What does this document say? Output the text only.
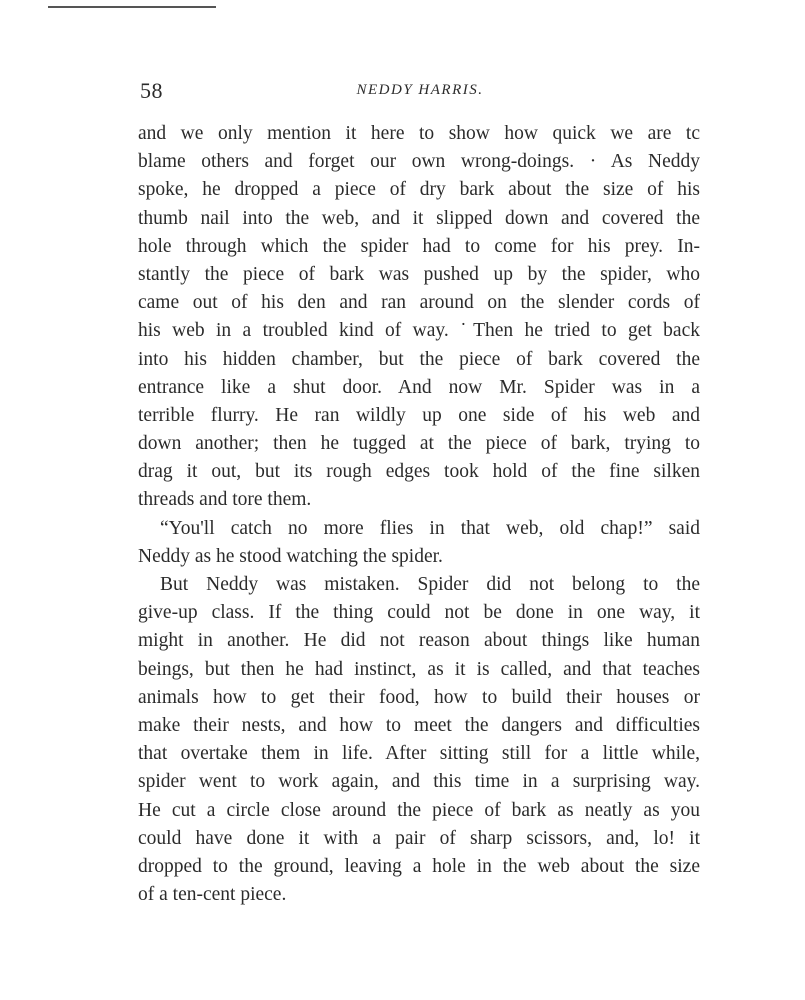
58	NEDDY HARRIS.
and we only mention it here to show how quick we are tc
blame others and forget our own wrong-doings. · As Neddy
spoke, he dropped a piece of dry bark about the size of his
thumb nail into the web, and it slipped down and covered the
hole through which the spider had to come for his prey. In-
stantly the piece of bark was pushed up by the spider, who
came out of his den and ran around on the slender cords of
his web in a troubled kind of way. ˙Then he tried to get back
into his hidden chamber, but the piece of bark covered the
entrance like a shut door. And now Mr. Spider was in a
terrible flurry. He ran wildly up one side of his web and
down another; then he tugged at the piece of bark, trying to
drag it out, but its rough edges took hold of the fine silken
threads and tore them.
“You'll catch no more flies in that web, old chap!” said
Neddy as he stood watching the spider.
But Neddy was mistaken. Spider did not belong to the
give-up class. If the thing could not be done in one way, it
might in another. He did not reason about things like human
beings, but then he had instinct, as it is called, and that teaches
animals how to get their food, how to build their houses or
make their nests, and how to meet the dangers and difficulties
that overtake them in life. After sitting still for a little while,
spider went to work again, and this time in a surprising way.
He cut a circle close around the piece of bark as neatly as you
could have done it with a pair of sharp scissors, and, lo! it
dropped to the ground, leaving a hole in the web about the size
of a ten-cent piece.
